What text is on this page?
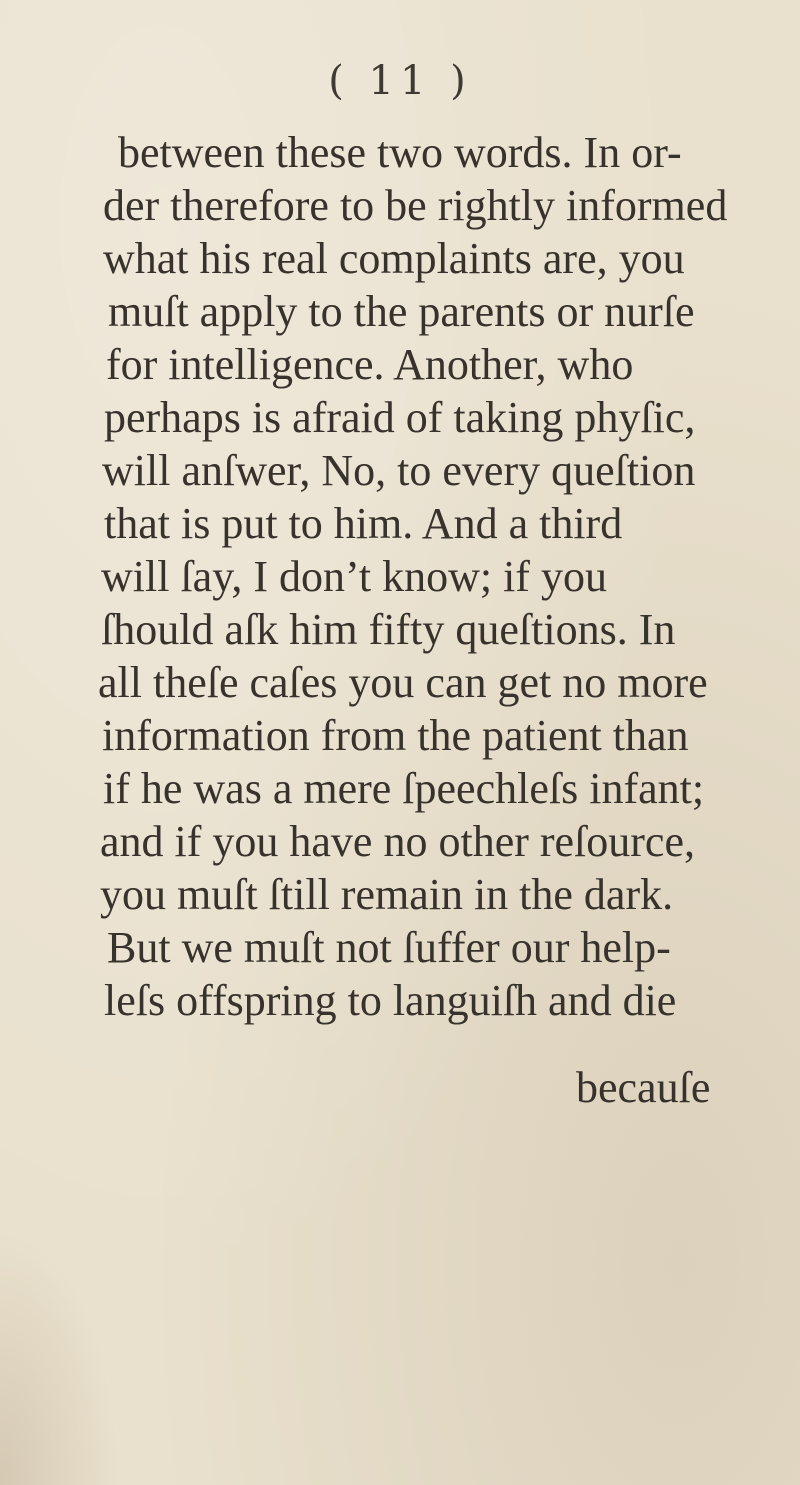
( 11 )
between these two words. In or-
der therefore to be rightly informed
what his real complaints are, you
muſt apply to the parents or nurſe
for intelligence. Another, who
perhaps is afraid of taking phyſic,
will anſwer, No, to every queſtion
that is put to him. And a third
will ſay, I don’t know; if you
ſhould aſk him fifty queſtions. In
all theſe caſes you can get no more
information from the patient than
if he was a mere ſpeechleſs infant;
and if you have no other reſource,
you muſt ſtill remain in the dark.
But we muſt not ſuffer our help-
leſs offspring to languiſh and die
becauſe
